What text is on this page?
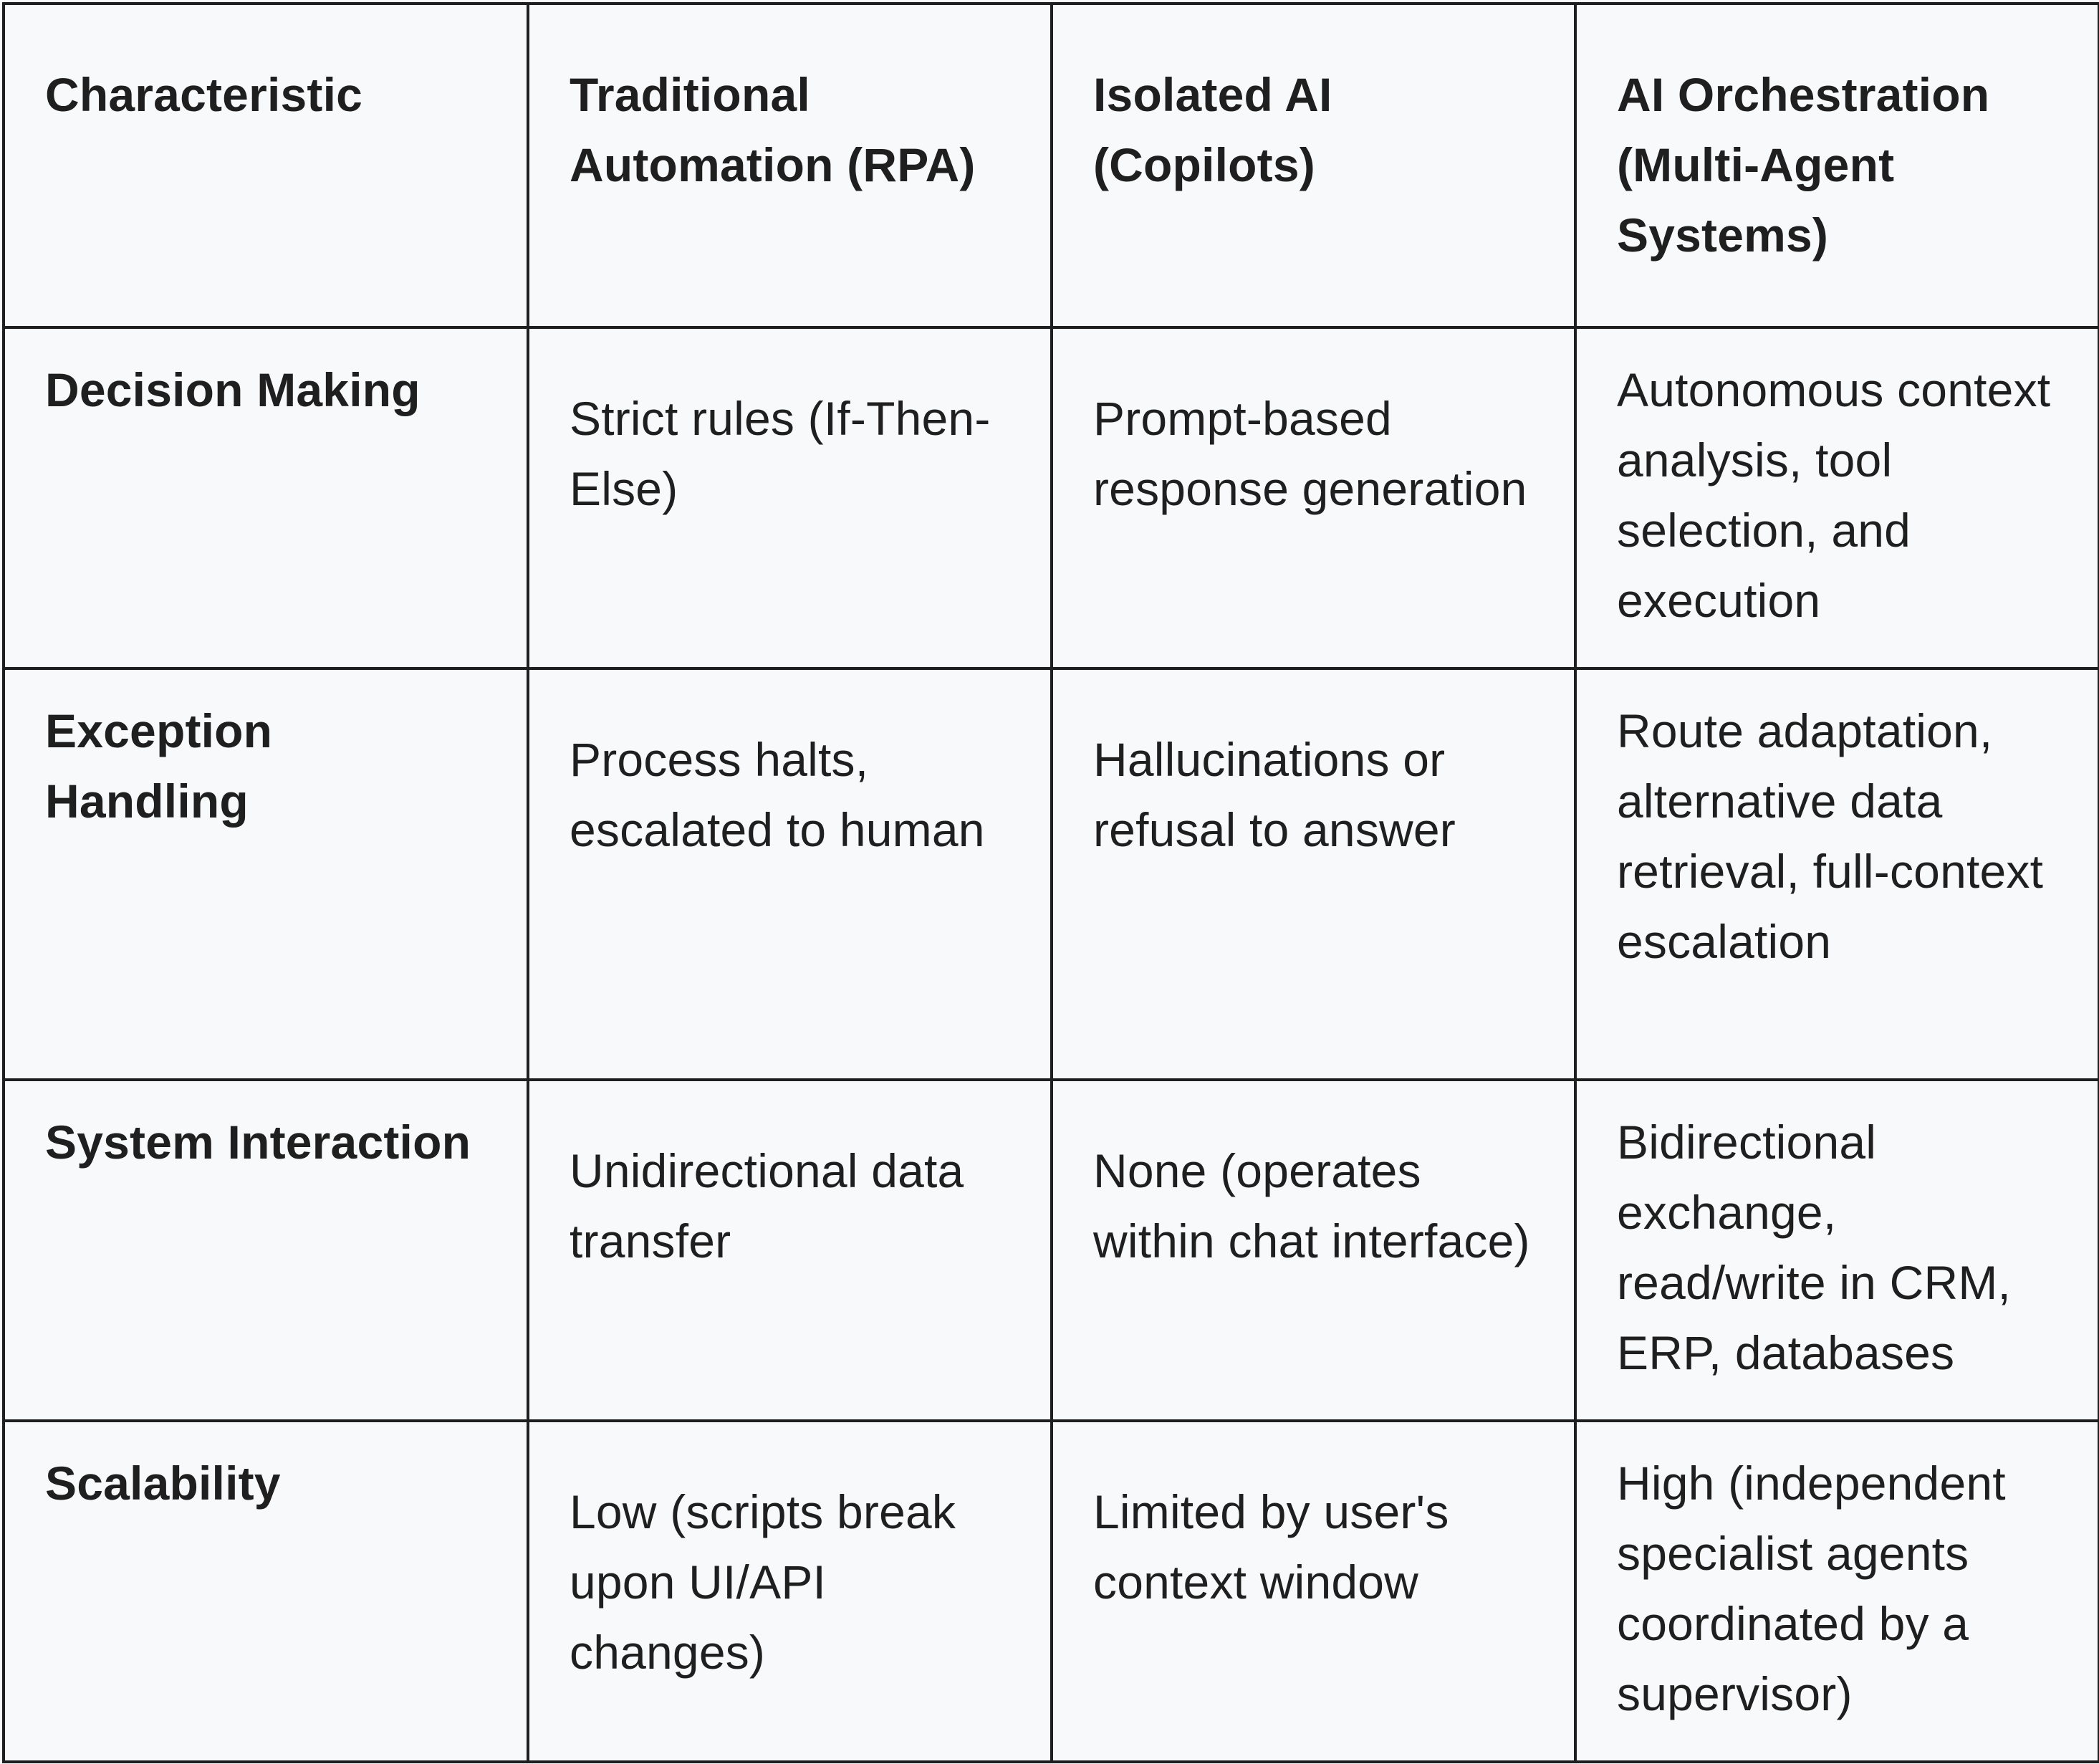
Characteristic	Traditional Automation (RPA)	Isolated AI (Copilots)	AI Orchestration (Multi-Agent Systems)
Decision Making	Strict rules (If-Then-Else)	Prompt-based response generation	Autonomous context analysis, tool selection, and execution
Exception Handling	Process halts, escalated to human	Hallucinations or refusal to answer	Route adaptation, alternative data retrieval, full-context escalation
System Interaction	Unidirectional data transfer	None (operates within chat interface)	Bidirectional exchange, read/write in CRM, ERP, databases
Scalability	Low (scripts break upon UI/API changes)	Limited by user's context window	High (independent specialist agents coordinated by a supervisor)
